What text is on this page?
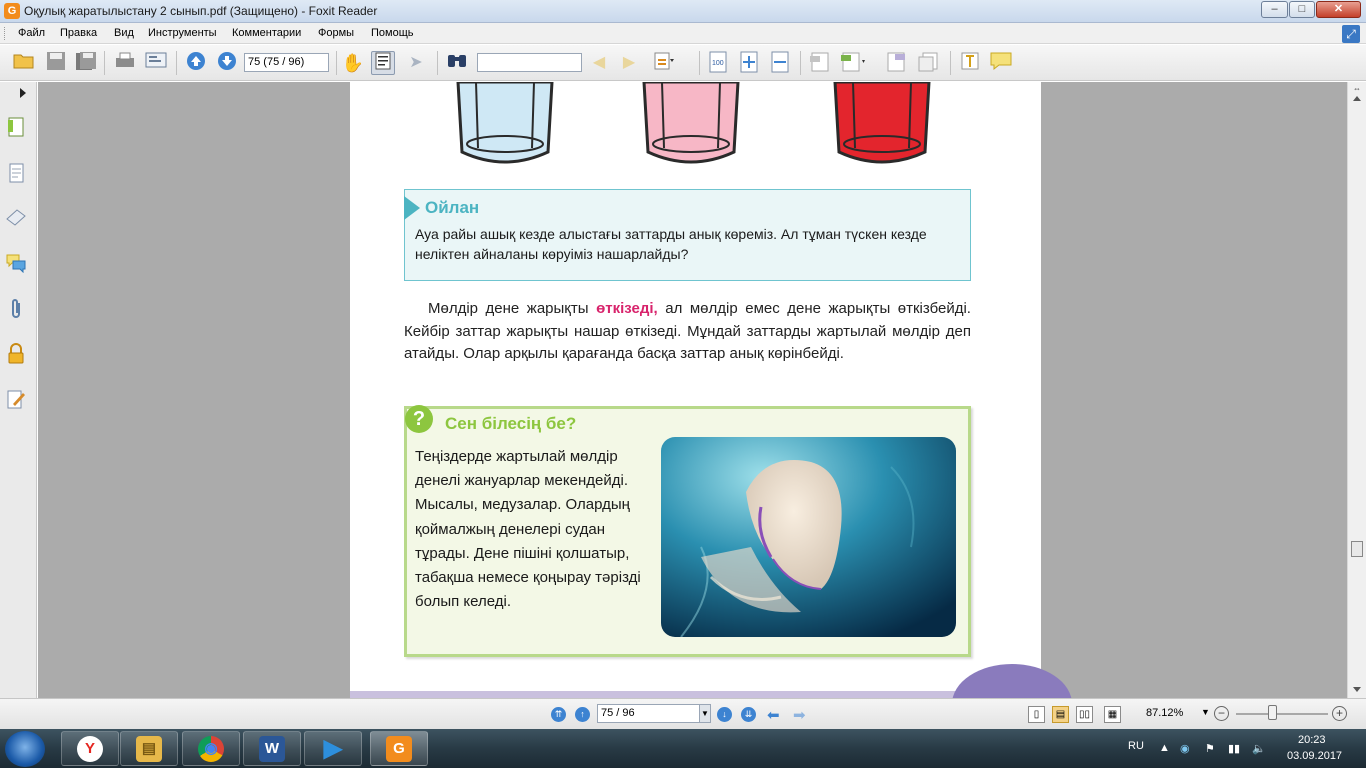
G Оқулық жаратылыстану 2 сынып.pdf (Защищено) - Foxit Reader	–	□	✕
Файл Правка Вид Инструменты Комментарии Формы Помощь	⤢
75 (75 / 96)	✋	➤	◀	▶	100
Ойлан
Ауа райы ашық кезде алыстағы заттарды анық көреміз. Ал тұман түскен кезде неліктен айналаны көруіміз нашарлайды?
Мөлдір дене жарықты өткізеді, ал мөлдір емес дене жарықты өткізбейді. Кейбір заттар жарықты нашар өткізеді. Мұндай заттарды жартылай мөлдір деп атайды. Олар арқылы қарағанда басқа заттар анық көрінбейді.
?	Сен білесің бе?
Теңіздерде жартылай мөлдір денелі жануарлар мекендейді. Мысалы, медузалар. Олардың қоймалжың денелері судан тұрады. Дене пішіні қолшатыр, табақша немесе қоңырау тәрізді болып келеді.
⇔
⇈	↑	75 / 96	▼	↓	⇊ ⬅ ➡	▯	▤	▯▯	▦	87.12% ▼ −	+
Y	▤	◉	W	▶	G	RU ▲ ◉ ⚑ ▮▮ 🔈
20:23
03.09.2017
